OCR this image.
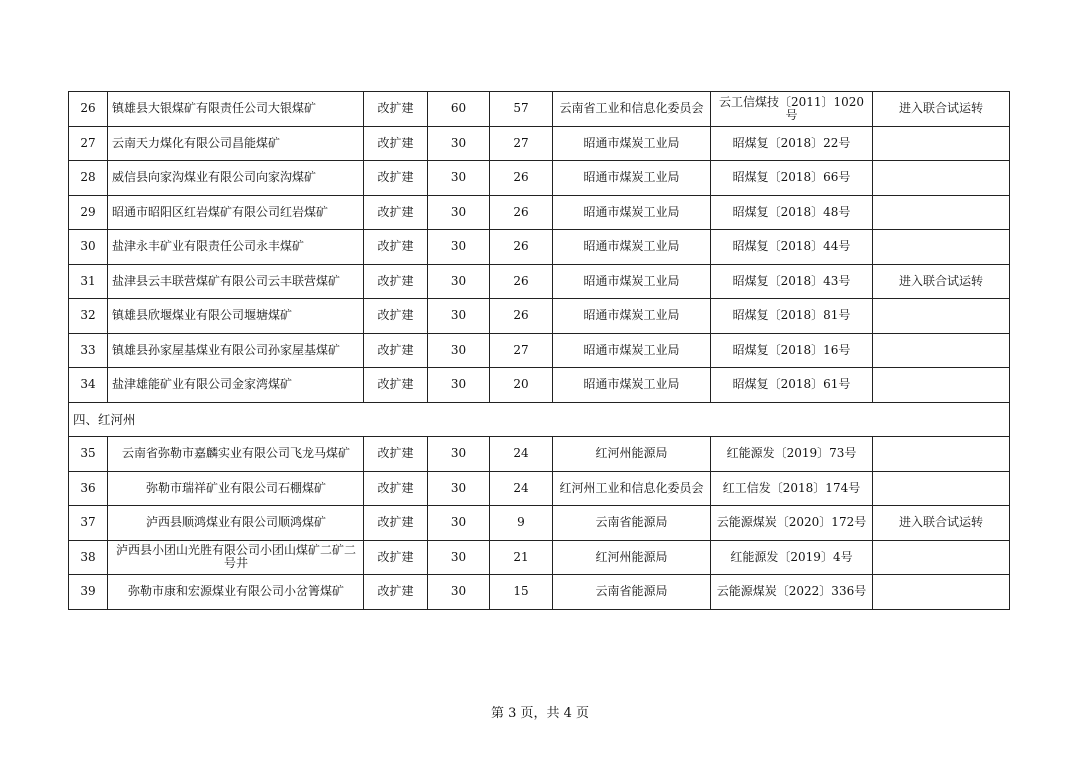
26	镇雄县大银煤矿有限责任公司大银煤矿	改扩建	60	57	云南省工业和信息化委员会	云工信煤技〔2011〕1020号	进入联合试运转
27	云南天力煤化有限公司昌能煤矿	改扩建	30	27	昭通市煤炭工业局	昭煤复〔2018〕22号	
28	威信县向家沟煤业有限公司向家沟煤矿	改扩建	30	26	昭通市煤炭工业局	昭煤复〔2018〕66号	
29	昭通市昭阳区红岩煤矿有限公司红岩煤矿	改扩建	30	26	昭通市煤炭工业局	昭煤复〔2018〕48号	
30	盐津永丰矿业有限责任公司永丰煤矿	改扩建	30	26	昭通市煤炭工业局	昭煤复〔2018〕44号	
31	盐津县云丰联营煤矿有限公司云丰联营煤矿	改扩建	30	26	昭通市煤炭工业局	昭煤复〔2018〕43号	进入联合试运转
32	镇雄县欣堰煤业有限公司堰塘煤矿	改扩建	30	26	昭通市煤炭工业局	昭煤复〔2018〕81号	
33	镇雄县孙家屋基煤业有限公司孙家屋基煤矿	改扩建	30	27	昭通市煤炭工业局	昭煤复〔2018〕16号	
34	盐津雄能矿业有限公司金家湾煤矿	改扩建	30	20	昭通市煤炭工业局	昭煤复〔2018〕61号	
四、红河州							
35	云南省弥勒市嘉麟实业有限公司飞龙马煤矿	改扩建	30	24	红河州能源局	红能源发〔2019〕73号	
36	弥勒市瑞祥矿业有限公司石棚煤矿	改扩建	30	24	红河州工业和信息化委员会	红工信发〔2018〕174号	
37	泸西县顺鸿煤业有限公司顺鸿煤矿	改扩建	30	9	云南省能源局	云能源煤炭〔2020〕172号	进入联合试运转
38	泸西县小团山光胜有限公司小团山煤矿二矿二号井	改扩建	30	21	红河州能源局	红能源发〔2019〕4号	
39	弥勒市康和宏源煤业有限公司小岔箐煤矿	改扩建	30	15	云南省能源局	云能源煤炭〔2022〕336号	
第 3 页，共 4 页
